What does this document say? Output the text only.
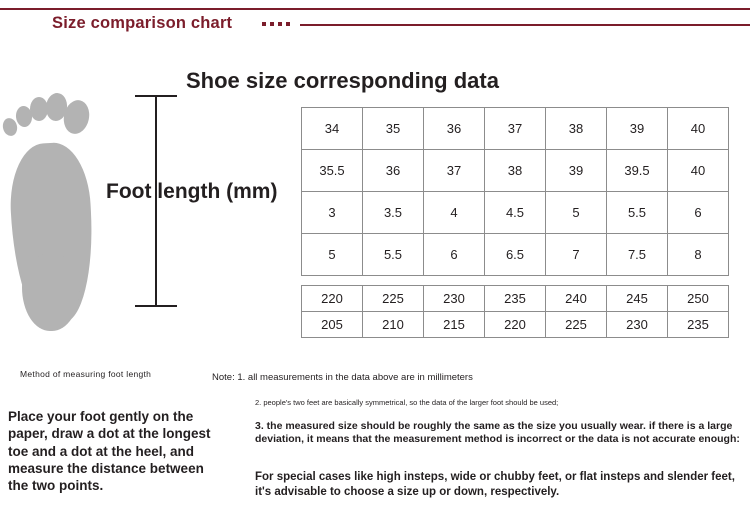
Size comparison chart
Foot length (mm)
Method of measuring foot length
Place your foot gently on the paper, draw a dot at the longest toe and a dot at the heel, and measure the distance between the two points.
Shoe size corresponding data
34	35	36	37	38	39	40
35.5	36	37	38	39	39.5	40
3	3.5	4	4.5	5	5.5	6
5	5.5	6	6.5	7	7.5	8
220	225	230	235	240	245	250
205	210	215	220	225	230	235
Note: 1. all measurements in the data above are in millimeters
2. people's two feet are basically symmetrical, so the data of the larger foot should be used;
3. the measured size should be roughly the same as the size you usually wear. if there is a large deviation, it means that the measurement method is incorrect or the data is not accurate enough:
For special cases like high insteps, wide or chubby feet, or flat insteps and slender feet, it's advisable to choose a size up or down, respectively.
